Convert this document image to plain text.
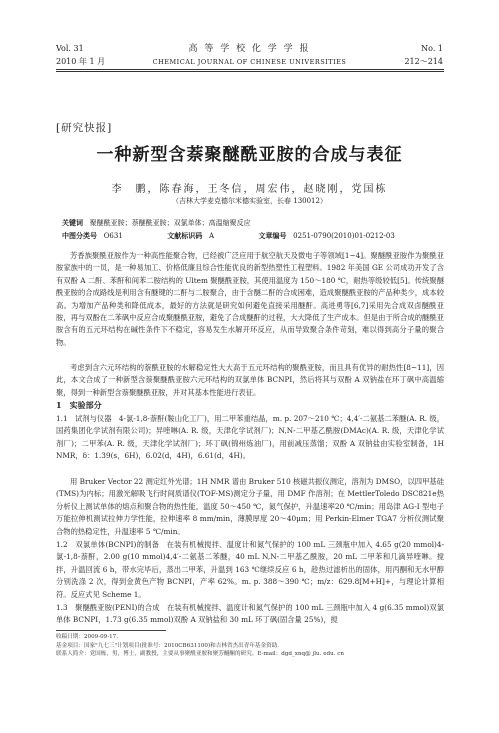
Vol. 31
2010 年 1 月
高 等 学 校 化 学 学 报
CHEMICAL JOURNAL OF CHINESE UNIVERSITIES
No. 1
212～214
[研究快报]
一种新型含萘聚醚酰亚胺的合成与表征
李　鹏，陈春海，王冬信，周宏伟，赵晓刚，党国栋
（吉林大学麦克德尔米德实验室，长春 130012）
关键词 聚醚酰亚胺；萘醚酰亚胺；双氯单体；高温缩聚反应
中图分类号 O631	文献标识码 A	文章编号 0251-0790(2010)01-0212-03
芳香族聚酰亚胺作为一种高性能聚合物，已经被广泛应用于航空航天及微电子等领域[1~4]。聚醚酰亚胺作为聚酰亚胺家族中的一员，是一种易加工、价格低廉且综合性能优良的新型热塑性工程塑料。1982 年美国 GE 公司成功开发了含有双酚 A 二酐、苯酐和间苯二胺结构的 Ultem 聚醚酰亚胺，其使用温度为 150～180 ℃，耐热等级较低[5]。传统聚醚酰亚胺的合成路线是利用含有醚键的二酐与二胺聚合，由于含醚二酐的合成困难，造成聚醚酰亚胺的产品种类少，成本较高。为增加产品种类和降低成本，最好的方法就是研究如何避免直接采用醚酐。高进勇等[6,7]采用先合成双卤醚酰亚胺，再与双酚在二苯砜中反应合成聚醚酰亚胺，避免了合成醚酐的过程，大大降低了生产成本。但是由于所合成的醚酰亚胺含有的五元环结构在碱性条件下不稳定，容易发生水解开环反应，从而导致聚合条件苛刻，难以得到高分子量的聚合物。
考虑到含六元环结构的萘酰亚胺的水解稳定性大大高于五元环结构的聚酰亚胺，而且具有优异的耐热性[8~11]，因此，本文合成了一种新型含萘聚醚酰亚胺六元环结构的双氯单体 BCNPI，然后将其与双酚 A 双钠盐在环丁砜中高温缩聚，得到一种新型含萘聚醚酰亚胺，并对其基本性能进行表征。
1　实验部分
1.1　试剂与仪器　4-氯-1,8-萘酐(鞍山化工厂)，用二甲苯重结晶，m. p. 207～210 ℃；4,4′-二氨基二苯醚(A. R. 级，国药集团化学试剂有限公司)；异喹啉(A. R. 级，天津化学试剂厂)；N,N-二甲基乙酰胺(DMAc)(A. R. 级，天津化学试剂厂)；二甲苯(A. R. 级，天津化学试剂厂)；环丁砜(锦州炼油厂)，用前减压蒸馏；双酚 A 双钠盐由实验室制备，1H NMR，δ：1.39(s，6H)，6.02(d，4H)，6.61(d，4H)。
用 Bruker Vector 22 测定红外光谱；1H NMR 谱由 Bruker 510 核磁共振仪测定，溶剂为 DMSO，以四甲基硅(TMS)为内标；用激光解吸飞行时间质谱仪(TOF-MS)测定分子量，用 DMF 作溶剂；在 MettlerToledo DSC821e热分析仪上测试单体的熔点和聚合物的热性能，温度 50～450 ℃，氮气保护，升温速率20 ℃/min；用岛津 AG-I 型电子万能拉伸机测试拉伸力学性能，拉伸速率 8 mm/min，薄膜厚度 20～40μm；用 Perkin-Elmer TGA7 分析仪测试聚合物的热稳定性，升温速率 5 ℃/min。
1.2　双氯单体(BCNPI)的制备　在装有机械搅拌、温度计和氮气保护的 100 mL 三颈瓶中加入 4.65 g(20 mmol)4-氯-1,8-萘酐，2.00 g(10 mmol)4,4′-二氨基二苯醚，40 mL N,N-二甲基乙酰胺，20 mL 二甲苯和几滴异喹啉。搅拌，升温回流 6 h，带水完毕后，蒸出二甲苯，升温到 163 ℃继续反应 6 h，趁热过滤析出的固体，用丙酮和无水甲醇分别洗涤 2 次，得到金黄色产物 BCNPI，产率 62%。m. p. 388～390 ℃；m/z：629.8[M+H]+，与理论计算相符。反应式见 Scheme 1。
1.3　聚醚酰亚胺(PENI)的合成　在装有机械搅拌、温度计和氮气保护的 100 mL 三颈瓶中加入 4 g(6.35 mmol)双氯单体 BCNPI，1.73 g(6.35 mmol)双酚 A 双钠盐和 30 mL 环丁砜(固含量 25%)，搅
收稿日期：2009-09-17.
基金项目：国家"九七三"计划项目(批准号：2010CB631100)和吉林省杰出青年基金资助.
联系人简介：党国栋，男，博士，副教授，主要从事聚酰亚胺和聚芳醚酮的研究。E-mail：dgd_xnq@ jlu. edu. cn
